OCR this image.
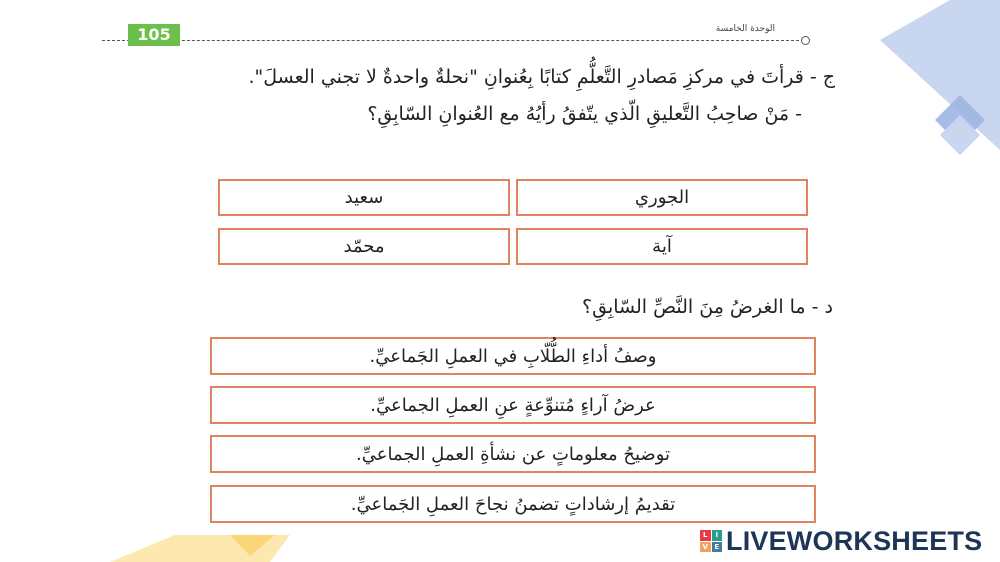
105	الوحدة الخامسة
ج - قرأتَ في مركزِ مَصادرِ التَّعلُّمِ كتابًا بِعُنوانِ "نحلةٌ واحدةٌ لا تجني العسلَ".
- مَنْ صاحِبُ التَّعليقِ الّذي يتّفقُ رأيُهُ مع العُنوانِ السّابِقِ؟
الجوري
سعيد
آية
محمّد
د - ما الغرضُ مِنَ النَّصِّ السّابِقِ؟
وصفُ أداءِ الطُّلّابِ في العملِ الجَماعيِّ.
عرضُ آراءٍ مُتنوِّعةٍ عنِ العملِ الجماعيِّ.
توضيحُ معلوماتٍ عن نشأةِ العملِ الجماعيِّ.
تقديمُ إرشاداتٍ تضمنُ نجاحَ العملِ الجَماعيِّ.
L	I
V E LIVEWORKSHEETS
